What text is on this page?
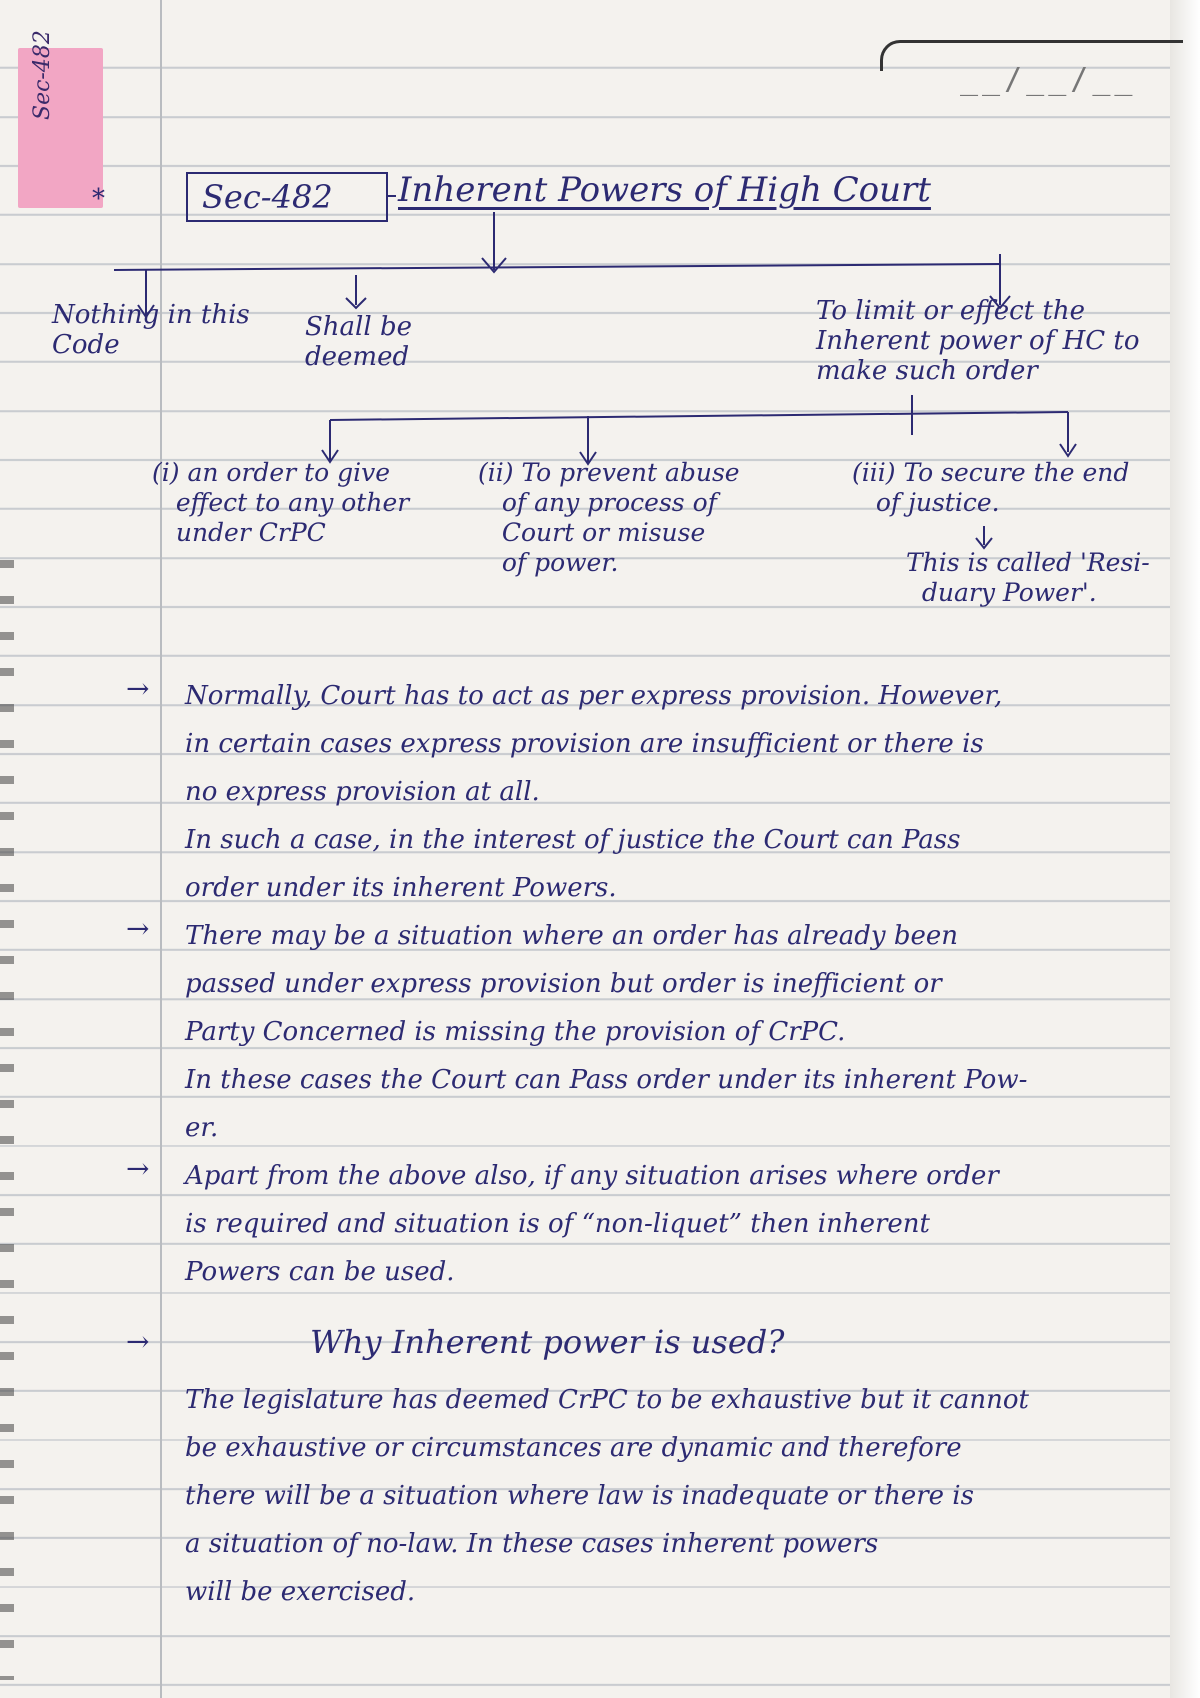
Sec-482	__/__/__
*	Sec-482 Inherent Powers of High Court
Nothing in this
Code
Shall be
deemed
To limit or effect the
Inherent power of HC to
make such order
(i) an order to give
effect to any other
under CrPC
(ii) To prevent abuse
of any process of
Court or misuse
of power.
(iii) To secure the end
of justice.
This is called 'Resi-
duary Power'.
→ Normally, Court has to act as per express provision. However,
in certain cases express provision are insufficient or there is
no express provision at all.
In such a case, in the interest of justice the Court can Pass
order under its inherent Powers.
→ There may be a situation where an order has already been
passed under express provision but order is inefficient or
Party Concerned is missing the provision of CrPC.
In these cases the Court can Pass order under its inherent Pow-
er.
→ Apart from the above also, if any situation arises where order
is required and situation is of “non-liquet” then inherent
Powers can be used.
→	Why Inherent power is used?
The legislature has deemed CrPC to be exhaustive but it cannot
be exhaustive or circumstances are dynamic and therefore
there will be a situation where law is inadequate or there is
a situation of no-law. In these cases inherent powers
will be exercised.
